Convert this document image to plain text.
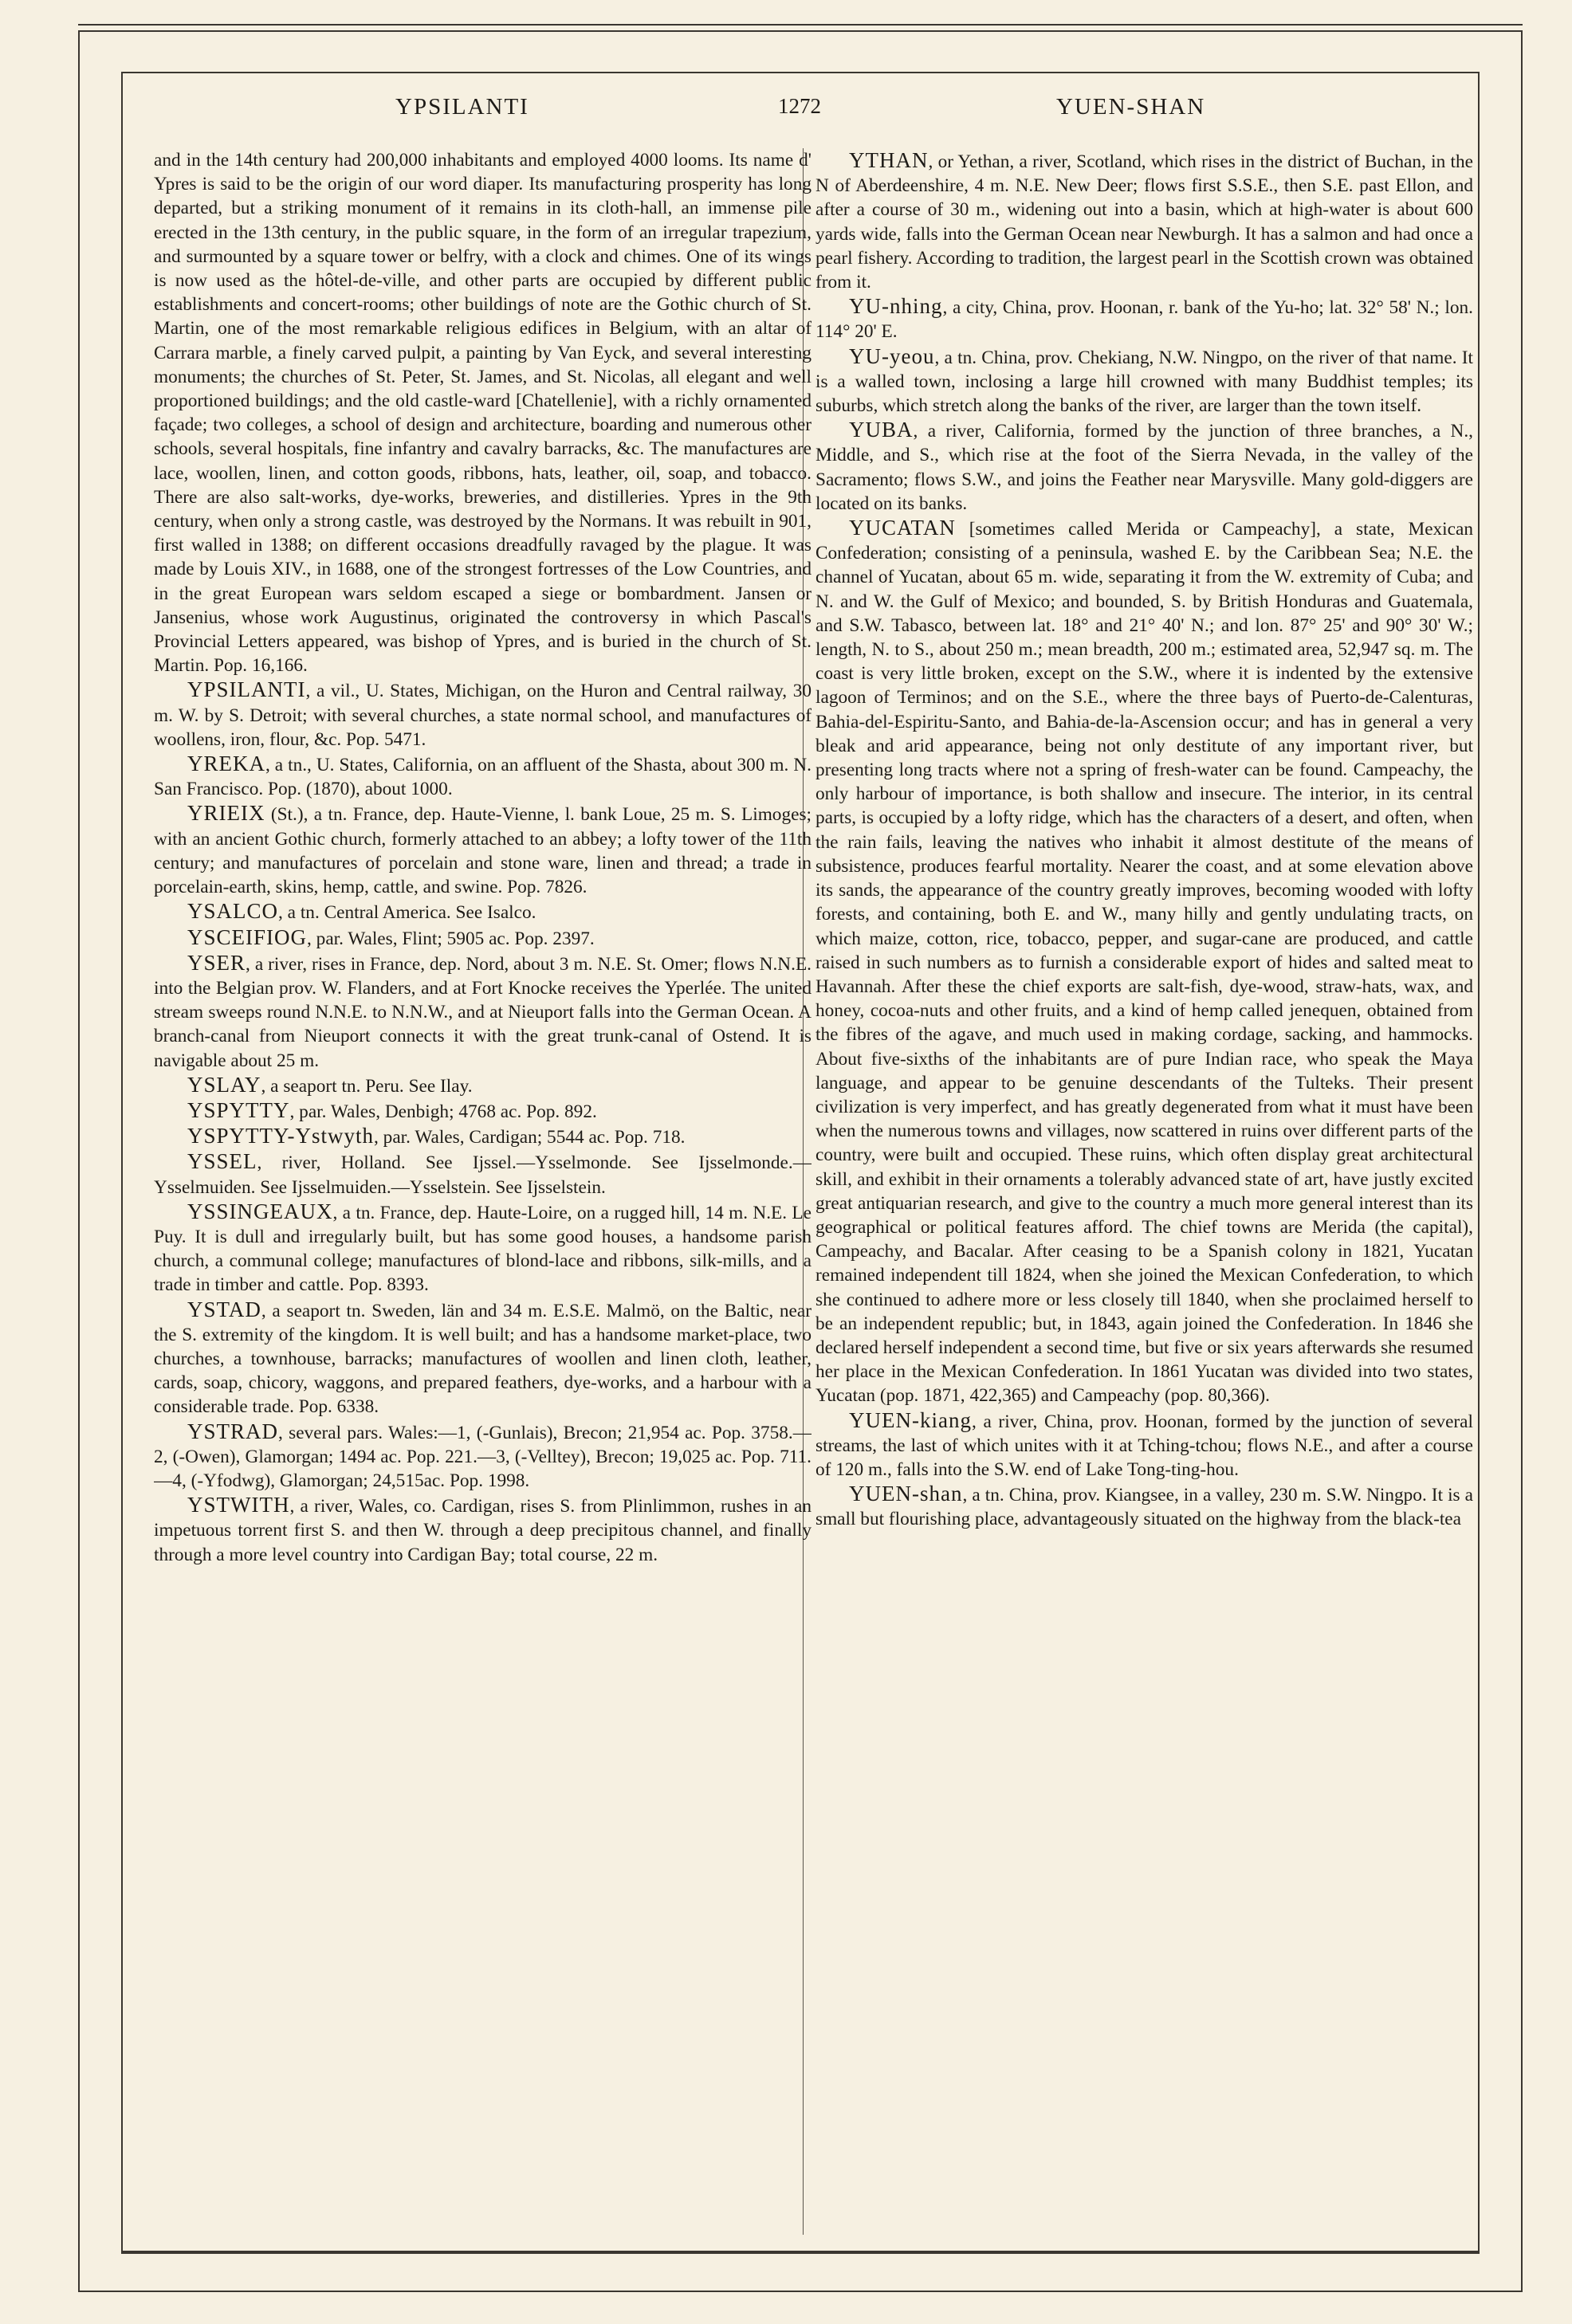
YPSILANTI	1272	YUEN-SHAN

and in the 14th century had 200,000 inhabitants and employed 4000 looms. Its name d' Ypres is said to be the origin of our word diaper. Its manufacturing prosperity has long departed, but a striking monument of it remains in its cloth-hall, an immense pile erected in the 13th century, in the public square, in the form of an irregular trapezium, and surmounted by a square tower or belfry, with a clock and chimes. One of its wings is now used as the hôtel-de-ville, and other parts are occupied by different public establishments and concert-rooms; other buildings of note are the Gothic church of St. Martin, one of the most remarkable religious edifices in Belgium, with an altar of Carrara marble, a finely carved pulpit, a painting by Van Eyck, and several interesting monuments; the churches of St. Peter, St. James, and St. Nicolas, all elegant and well proportioned buildings; and the old castle-ward [Chatellenie], with a richly ornamented façade; two colleges, a school of design and architecture, boarding and numerous other schools, several hospitals, fine infantry and cavalry barracks, &c. The manufactures are lace, woollen, linen, and cotton goods, ribbons, hats, leather, oil, soap, and tobacco. There are also salt-works, dye-works, breweries, and distilleries. Ypres in the 9th century, when only a strong castle, was destroyed by the Normans. It was rebuilt in 901, first walled in 1388; on different occasions dreadfully ravaged by the plague. It was made by Louis XIV., in 1688, one of the strongest fortresses of the Low Countries, and in the great European wars seldom escaped a siege or bombardment. Jansen or Jansenius, whose work Augustinus, originated the controversy in which Pascal's Provincial Letters appeared, was bishop of Ypres, and is buried in the church of St. Martin. Pop. 16,166.

YPSILANTI, a vil., U. States, Michigan, on the Huron and Central railway, 30 m. W. by S. Detroit; with several churches, a state normal school, and manufactures of woollens, iron, flour, &c. Pop. 5471.

YREKA, a tn., U. States, California, on an affluent of the Shasta, about 300 m. N. San Francisco. Pop. (1870), about 1000.

YRIEIX (St.), a tn. France, dep. Haute-Vienne, l. bank Loue, 25 m. S. Limoges; with an ancient Gothic church, formerly attached to an abbey; a lofty tower of the 11th century; and manufactures of porcelain and stone ware, linen and thread; a trade in porcelain-earth, skins, hemp, cattle, and swine. Pop. 7826.

YSALCO, a tn. Central America. See Isalco.

YSCEIFIOG, par. Wales, Flint; 5905 ac. Pop. 2397.

YSER, a river, rises in France, dep. Nord, about 3 m. N.E. St. Omer; flows N.N.E. into the Belgian prov. W. Flanders, and at Fort Knocke receives the Yperlée. The united stream sweeps round N.N.E. to N.N.W., and at Nieuport falls into the German Ocean. A branch-canal from Nieuport connects it with the great trunk-canal of Ostend. It is navigable about 25 m.

YSLAY, a seaport tn. Peru. See Ilay.

YSPYTTY, par. Wales, Denbigh; 4768 ac. Pop. 892.

YSPYTTY-Ystwyth, par. Wales, Cardigan; 5544 ac. Pop. 718.

YSSEL, river, Holland. See Ijssel.—Ysselmonde. See Ijsselmonde.—Ysselmuiden. See Ijsselmuiden.—Ysselstein. See Ijsselstein.

YSSINGEAUX, a tn. France, dep. Haute-Loire, on a rugged hill, 14 m. N.E. Le Puy. It is dull and irregularly built, but has some good houses, a handsome parish church, a communal college; manufactures of blond-lace and ribbons, silk-mills, and a trade in timber and cattle. Pop. 8393.

YSTAD, a seaport tn. Sweden, län and 34 m. E.S.E. Malmö, on the Baltic, near the S. extremity of the kingdom. It is well built; and has a handsome market-place, two churches, a townhouse, barracks; manufactures of woollen and linen cloth, leather, cards, soap, chicory, waggons, and prepared feathers, dye-works, and a harbour with a considerable trade. Pop. 6338.

YSTRAD, several pars. Wales:—1, (-Gunlais), Brecon; 21,954 ac. Pop. 3758.—2, (-Owen), Glamorgan; 1494 ac. Pop. 221.—3, (-Velltey), Brecon; 19,025 ac. Pop. 711.—4, (-Yfodwg), Glamorgan; 24,515ac. Pop. 1998.

YSTWITH, a river, Wales, co. Cardigan, rises S. from Plinlimmon, rushes in an impetuous torrent first S. and then W. through a deep precipitous channel, and finally through a more level country into Cardigan Bay; total course, 22 m.

YTHAN, or Yethan, a river, Scotland, which rises in the district of Buchan, in the N of Aberdeenshire, 4 m. N.E. New Deer; flows first S.S.E., then S.E. past Ellon, and after a course of 30 m., widening out into a basin, which at high-water is about 600 yards wide, falls into the German Ocean near Newburgh. It has a salmon and had once a pearl fishery. According to tradition, the largest pearl in the Scottish crown was obtained from it.

YU-nhing, a city, China, prov. Hoonan, r. bank of the Yu-ho; lat. 32° 58' N.; lon. 114° 20' E.

YU-yeou, a tn. China, prov. Chekiang, N.W. Ningpo, on the river of that name. It is a walled town, inclosing a large hill crowned with many Buddhist temples; its suburbs, which stretch along the banks of the river, are larger than the town itself.

YUBA, a river, California, formed by the junction of three branches, a N., Middle, and S., which rise at the foot of the Sierra Nevada, in the valley of the Sacramento; flows S.W., and joins the Feather near Marysville. Many gold-diggers are located on its banks.

YUCATAN [sometimes called Merida or Campeachy], a state, Mexican Confederation; consisting of a peninsula, washed E. by the Caribbean Sea; N.E. the channel of Yucatan, about 65 m. wide, separating it from the W. extremity of Cuba; and N. and W. the Gulf of Mexico; and bounded, S. by British Honduras and Guatemala, and S.W. Tabasco, between lat. 18° and 21° 40' N.; and lon. 87° 25' and 90° 30' W.; length, N. to S., about 250 m.; mean breadth, 200 m.; estimated area, 52,947 sq. m. The coast is very little broken, except on the S.W., where it is indented by the extensive lagoon of Terminos; and on the S.E., where the three bays of Puerto-de-Calenturas, Bahia-del-Espiritu-Santo, and Bahia-de-la-Ascension occur; and has in general a very bleak and arid appearance, being not only destitute of any important river, but presenting long tracts where not a spring of fresh-water can be found. Campeachy, the only harbour of importance, is both shallow and insecure. The interior, in its central parts, is occupied by a lofty ridge, which has the characters of a desert, and often, when the rain fails, leaving the natives who inhabit it almost destitute of the means of subsistence, produces fearful mortality. Nearer the coast, and at some elevation above its sands, the appearance of the country greatly improves, becoming wooded with lofty forests, and containing, both E. and W., many hilly and gently undulating tracts, on which maize, cotton, rice, tobacco, pepper, and sugar-cane are produced, and cattle raised in such numbers as to furnish a considerable export of hides and salted meat to Havannah. After these the chief exports are salt-fish, dye-wood, straw-hats, wax, and honey, cocoa-nuts and other fruits, and a kind of hemp called jenequen, obtained from the fibres of the agave, and much used in making cordage, sacking, and hammocks. About five-sixths of the inhabitants are of pure Indian race, who speak the Maya language, and appear to be genuine descendants of the Tulteks. Their present civilization is very imperfect, and has greatly degenerated from what it must have been when the numerous towns and villages, now scattered in ruins over different parts of the country, were built and occupied. These ruins, which often display great architectural skill, and exhibit in their ornaments a tolerably advanced state of art, have justly excited great antiquarian research, and give to the country a much more general interest than its geographical or political features afford. The chief towns are Merida (the capital), Campeachy, and Bacalar. After ceasing to be a Spanish colony in 1821, Yucatan remained independent till 1824, when she joined the Mexican Confederation, to which she continued to adhere more or less closely till 1840, when she proclaimed herself to be an independent republic; but, in 1843, again joined the Confederation. In 1846 she declared herself independent a second time, but five or six years afterwards she resumed her place in the Mexican Confederation. In 1861 Yucatan was divided into two states, Yucatan (pop. 1871, 422,365) and Campeachy (pop. 80,366).

YUEN-kiang, a river, China, prov. Hoonan, formed by the junction of several streams, the last of which unites with it at Tching-tchou; flows N.E., and after a course of 120 m., falls into the S.W. end of Lake Tong-ting-hou.

YUEN-shan, a tn. China, prov. Kiangsee, in a valley, 230 m. S.W. Ningpo. It is a small but flourishing place, advantageously situated on the highway from the black-tea
